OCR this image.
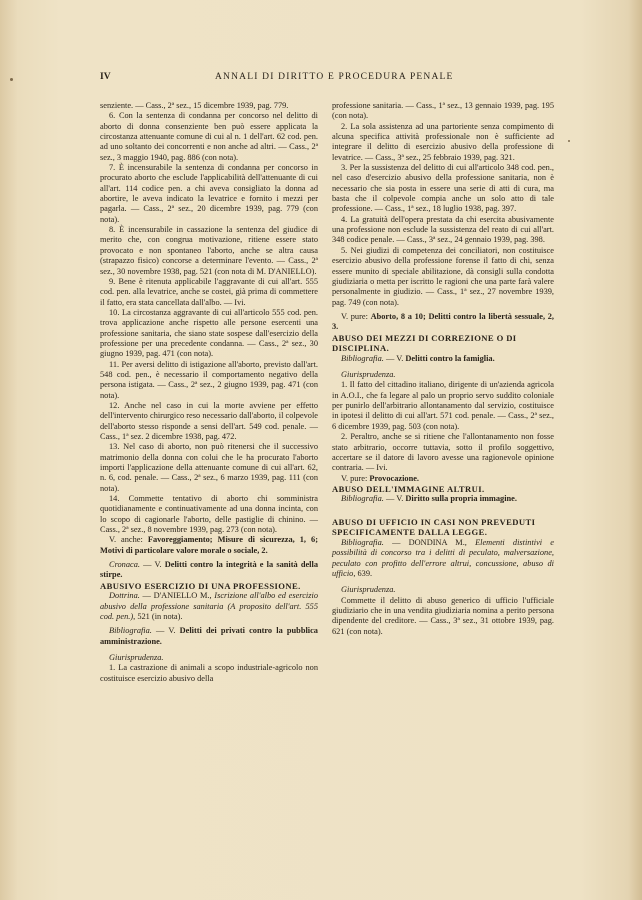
IV	ANNALI DI DIRITTO E PROCEDURA PENALE

senziente. — Cass., 2ª sez., 15 dicembre 1939, pag. 779.

6. Con la sentenza di condanna per concorso nel delitto di aborto di donna consenziente ben può essere applicata la circostanza attenuante comune di cui al n. 1 dell'art. 62 cod. pen. ad uno soltanto dei concorrenti e non anche ad altri. — Cass., 2ª sez., 3 maggio 1940, pag. 886 (con nota).

7. È incensurabile la sentenza di condanna per concorso in procurato aborto che esclude l'applicabilità dell'attenuante di cui all'art. 114 codice pen. a chi aveva consigliato la donna ad abortire, le aveva indicato la levatrice e fornito i mezzi per pagarla. — Cass., 2ª sez., 20 dicembre 1939, pag. 779 (con nota).

8. È incensurabile in cassazione la sentenza del giudice di merito che, con congrua motivazione, ritiene essere stato provocato e non spontaneo l'aborto, anche se altra causa (strapazzo fisico) concorse a determinare l'evento. — Cass., 2ª sez., 30 novembre 1938, pag. 521 (con nota di M. D'ANIELLO).

9. Bene è ritenuta applicabile l'aggravante di cui all'art. 555 cod. pen. alla levatrice, anche se costei, già prima di commettere il fatto, era stata cancellata dall'albo. — Ivi.

10. La circostanza aggravante di cui all'articolo 555 cod. pen. trova applicazione anche rispetto alle persone esercenti una professione sanitaria, che siano state sospese dall'esercizio della professione per una precedente condanna. — Cass., 2ª sez., 30 giugno 1939, pag. 471 (con nota).

11. Per aversi delitto di istigazione all'aborto, previsto dall'art. 548 cod. pen., è necessario il comportamento negativo della persona istigata. — Cass., 2ª sez., 2 giugno 1939, pag. 471 (con nota).

12. Anche nel caso in cui la morte avviene per effetto dell'intervento chirurgico reso necessario dall'aborto, il colpevole dell'aborto stesso risponde a sensi dell'art. 549 cod. penale. — Cass., 1ª sez. 2 dicembre 1938, pag. 472.

13. Nel caso di aborto, non può ritenersi che il successivo matrimonio della donna con colui che le ha procurato l'aborto importi l'applicazione della attenuante comune di cui all'art. 62, n. 6, cod. penale. — Cass., 2ª sez., 6 marzo 1939, pag. 111 (con nota).

14. Commette tentativo di aborto chi somministra quotidianamente e continuativamente ad una donna incinta, con lo scopo di cagionarle l'aborto, delle pastiglie di chinino. — Cass., 2ª sez., 8 novembre 1939, pag. 273 (con nota).

V. anche: Favoreggiamento; Misure di sicurezza, 1, 6; Motivi di particolare valore morale o sociale, 2.

Cronaca. — V. Delitti contro la integrità e la sanità della stirpe.

ABUSIVO ESERCIZIO DI UNA PROFESSIONE.

Dottrina. — D'ANIELLO M., Iscrizione all'albo ed esercizio abusivo della professione sanitaria (A proposito dell'art. 555 cod. pen.), 521 (in nota).

Bibliografia. — V. Delitti dei privati contro la pubblica amministrazione.

Giurisprudenza.

1. La castrazione di animali a scopo industriale-agricolo non costituisce esercizio abusivo della

professione sanitaria. — Cass., 1ª sez., 13 gennaio 1939, pag. 195 (con nota).

2. La sola assistenza ad una partoriente senza compimento di alcuna specifica attività professionale non è sufficiente ad integrare il delitto di esercizio abusivo della professione di levatrice. — Cass., 3ª sez., 25 febbraio 1939, pag. 321.

3. Per la sussistenza del delitto di cui all'articolo 348 cod. pen., nel caso d'esercizio abusivo della professione sanitaria, non è necessario che sia posta in essere una serie di atti di cura, ma basta che il colpevole compia anche un solo atto di tale professione. — Cass., 1ª sez., 18 luglio 1938, pag. 397.

4. La gratuità dell'opera prestata da chi esercita abusivamente una professione non esclude la sussistenza del reato di cui all'art. 348 codice penale. — Cass., 3ª sez., 24 gennaio 1939, pag. 398.

5. Nei giudizi di competenza dei conciliatori, non costituisce esercizio abusivo della professione forense il fatto di chi, senza essere munito di speciale abilitazione, dà consigli sulla condotta giudiziaria o metta per iscritto le ragioni che una parte farà valere personalmente in giudizio. — Cass., 1ª sez., 27 novembre 1939, pag. 749 (con nota).

V. pure: Aborto, 8 a 10; Delitti contro la libertà sessuale, 2, 3.

ABUSO DEI MEZZI DI CORREZIONE O DI DISCIPLINA.

Bibliografia. — V. Delitti contro la famiglia.

Giurisprudenza.

1. Il fatto del cittadino italiano, dirigente di un'azienda agricola in A.O.I., che fa legare al palo un proprio servo suddito coloniale per punirlo dell'arbitrario allontanamento dal servizio, costituisce in ipotesi il delitto di cui all'art. 571 cod. penale. — Cass., 2ª sez., 6 dicembre 1939, pag. 503 (con nota).

2. Peraltro, anche se si ritiene che l'allontanamento non fosse stato arbitrario, occorre tuttavia, sotto il profilo soggettivo, accertare se il datore di lavoro avesse una ragionevole opinione contraria. — Ivi.

V. pure: Provocazione.

ABUSO DELL'IMMAGINE ALTRUI.

Bibliografia. — V. Diritto sulla propria immagine.

ABUSO DI UFFICIO IN CASI NON PREVEDUTI SPECIFICAMENTE DALLA LEGGE.

Bibliografia. — DONDINA M., Elementi distintivi e possibilità di concorso tra i delitti di peculato, malversazione, peculato con profitto dell'errore altrui, concussione, abuso di ufficio, 639.

Giurisprudenza.

Commette il delitto di abuso generico di ufficio l'ufficiale giudiziario che in una vendita giudiziaria nomina a perito persona dipendente del creditore. — Cass., 3ª sez., 31 ottobre 1939, pag. 621 (con nota).
